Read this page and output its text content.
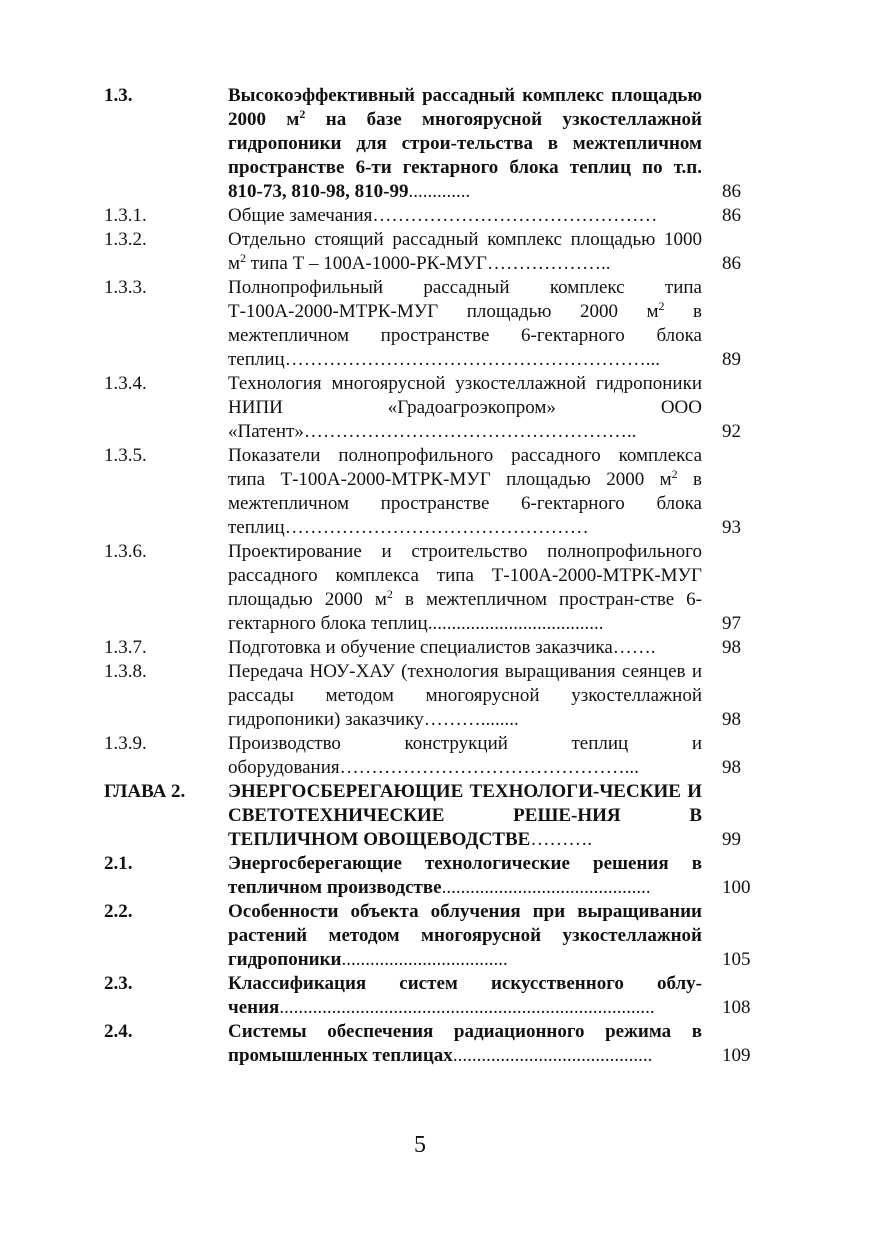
1.3.	Высокоэффективный рассадный комплекс площадью 2000 $м^2$ на базе многоярусной узкостеллажной гидропоники для строи-тельства в межтепличном пространстве 6-ти гектарного блока теплиц по т.п. 810-73, 810-98, 810-99.............	86
1.3.1.	Общие замечания………………………………………	86
1.3.2.	Отдельно стоящий рассадный комплекс площадью 1000 $м^2$ типа Т – 100А-1000-РК-МУГ………………..	86
1.3.3.	Полнопрофильный рассадный комплекс типа Т-100А-2000-МТРК-МУГ площадью 2000 $м^2$ в межтепличном пространстве 6-гектарного блока теплиц…………………………………………………...	89
1.3.4.	Технология многоярусной узкостеллажной гидропоники НИПИ «Градоагроэкопром» ООО «Патент»……………………………………………..	92
1.3.5.	Показатели полнопрофильного рассадного комплекса типа Т-100А-2000-МТРК-МУГ площадью 2000 $м^2$ в межтепличном пространстве 6-гектарного блока теплиц…………………………………………	93
1.3.6.	Проектирование и строительство полнопрофильного рассадного комплекса типа Т-100А-2000-МТРК-МУГ площадью 2000 $м^2$ в межтепличном простран-стве 6-гектарного блока теплиц.....................................	97
1.3.7.	Подготовка и обучение специалистов заказчика…….	98
1.3.8.	Передача НОУ-ХАУ (технология выращивания сеянцев и рассады методом многоярусной узкостеллажной гидропоники) заказчику………........	98
1.3.9.	Производство конструкций теплиц и оборудования………………………………………...	98
ГЛАВА 2.	ЭНЕРГОСБЕРЕГАЮЩИЕ ТЕХНОЛОГИ-ЧЕСКИЕ И СВЕТОТЕХНИЧЕСКИЕ РЕШЕ-НИЯ В ТЕПЛИЧНОМ ОВОЩЕВОДСТВЕ……….	99
2.1.	Энергосберегающие технологические решения в тепличном производстве............................................	100
2.2.	Особенности объекта облучения при выращивании растений методом многоярусной узкостеллажной гидропоники...................................	105
2.3.	Классификация систем искусственного облу-чения...............................................................................	108
2.4.	Системы обеспечения радиационного режима в промышленных теплицах..........................................	109
5
